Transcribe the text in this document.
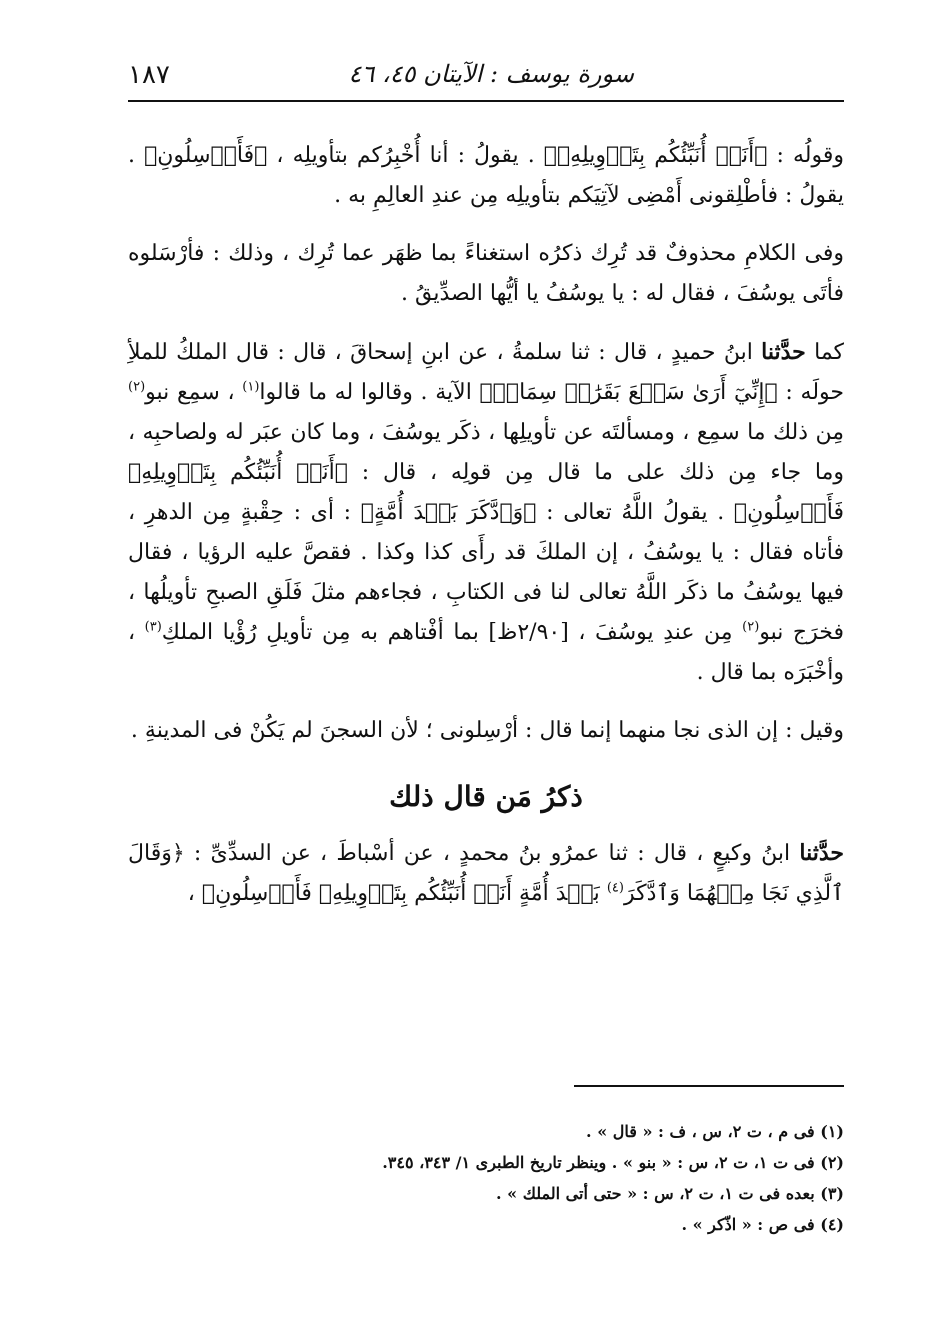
سورة يوسف : الآيتان ٤٥، ٤٦
١٨٧

وقولُه : ﴿أَنَا۠ أُنَبِّئُكُم بِتَأۡوِيلِهِۦ﴾ . يقولُ : أنا أُخْبِرُكم بتأويلِه ، ﴿فَأَرۡسِلُونِ﴾ . يقولُ : فأطْلِقونى أَمْضِى لآتِيَكم بتأويلِه مِن عندِ العالِمِ به .

وفى الكلامِ محذوفٌ قد تُرِك ذكرُه استغناءً بما ظهَر عما تُرِك ، وذلك : فأرْسَلوه فأتَى يوسُفَ ، فقال له : يا يوسُفُ يا أيُّها الصدِّيقُ .

كما حدَّثنا ابنُ حميدٍ ، قال : ثنا سلمةُ ، عن ابنِ إسحاقَ ، قال : قال الملكُ للملأِ حولَه : ﴿إِنِّيٓ أَرَىٰ سَبۡعَ بَقَرَٰتٖ سِمَانٖ﴾ الآية . وقالوا له ما قالوا$^{(١)}$ ، سمِع نبو$^{(٢)}$ مِن ذلك ما سمِع ، ومسألتَه عن تأويلِها ، ذكَر يوسُفَ ، وما كان عبَر له ولصاحبِه ، وما جاء مِن ذلك على ما قال مِن قولِه ، قال : ﴿أَنَا۠ أُنَبِّئُكُم بِتَأۡوِيلِهِۦ فَأَرۡسِلُونِ﴾ . يقولُ اللَّهُ تعالى : ﴿وَٱدَّكَرَ بَعۡدَ أُمَّةٍ﴾ : أى : حِقْبةٍ مِن الدهرِ ، فأتاه فقال : يا يوسُفُ ، إن الملكَ قد رأَى كذا وكذا . فقصَّ عليه الرؤيا ، فقال فيها يوسُفُ ما ذكَر اللَّهُ تعالى لنا فى الكتابِ ، فجاءهم مثلَ فَلَقِ الصبحِ تأويلُها ، فخرَج نبو$^{(٢)}$ مِن عندِ يوسُفَ ، [٢/٩٠ظ] بما أفْتاهم به مِن تأويلِ رُؤْيا الملكِ$^{(٣)}$ ، وأخْبَرَه بما قال .

وقيل : إن الذى نجا منهما إنما قال : أرْسِلونى ؛ لأن السجنَ لم يَكُنْ فى المدينةِ .

ذكرُ مَن قال ذلك

حدَّثنا ابنُ وكيعٍ ، قال : ثنا عمرُو بنُ محمدٍ ، عن أسْباطَ ، عن السدِّىِّ : ﴿وَقَالَ ٱلَّذِي نَجَا مِنۡهُمَا وَٱدَّكَرَ$^{(٤)}$ بَعۡدَ أُمَّةٍ أَنَا۠ أُنَبِّئُكُم بِتَأۡوِيلِهِۦ فَأَرۡسِلُونِ﴾ ،

(١) فى م ، ت ٢، س ، ف : « قال » .

(٢) فى ت ١، ت ٢، س : « بنو » . وينظر تاريخ الطبرى ١/ ٣٤٣، ٣٤٥.

(٣) بعده فى ت ١، ت ٢، س : « حتى أتى الملك » .

(٤) فى ص : « اذّكر » .
